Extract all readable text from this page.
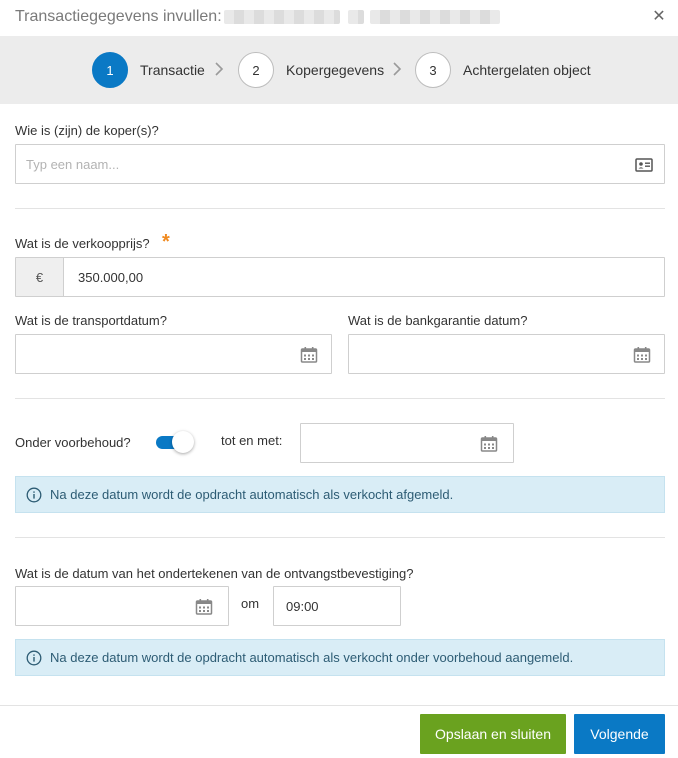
Transactiegegevens invullen:	✕
1	Transactie	2	Kopergegevens	3	Achtergelaten object
Wie is (zijn) de koper(s)?
Typ een naam...
Wat is de verkoopprijs? *
€	350.000,00
Wat is de transportdatum?	Wat is de bankgarantie datum?
Onder voorbehoud?	tot en met:
Na deze datum wordt de opdracht automatisch als verkocht afgemeld.
Wat is de datum van het ondertekenen van de ontvangstbevestiging?
om 09:00
Na deze datum wordt de opdracht automatisch als verkocht onder voorbehoud aangemeld.
Opslaan en sluiten	Volgende
